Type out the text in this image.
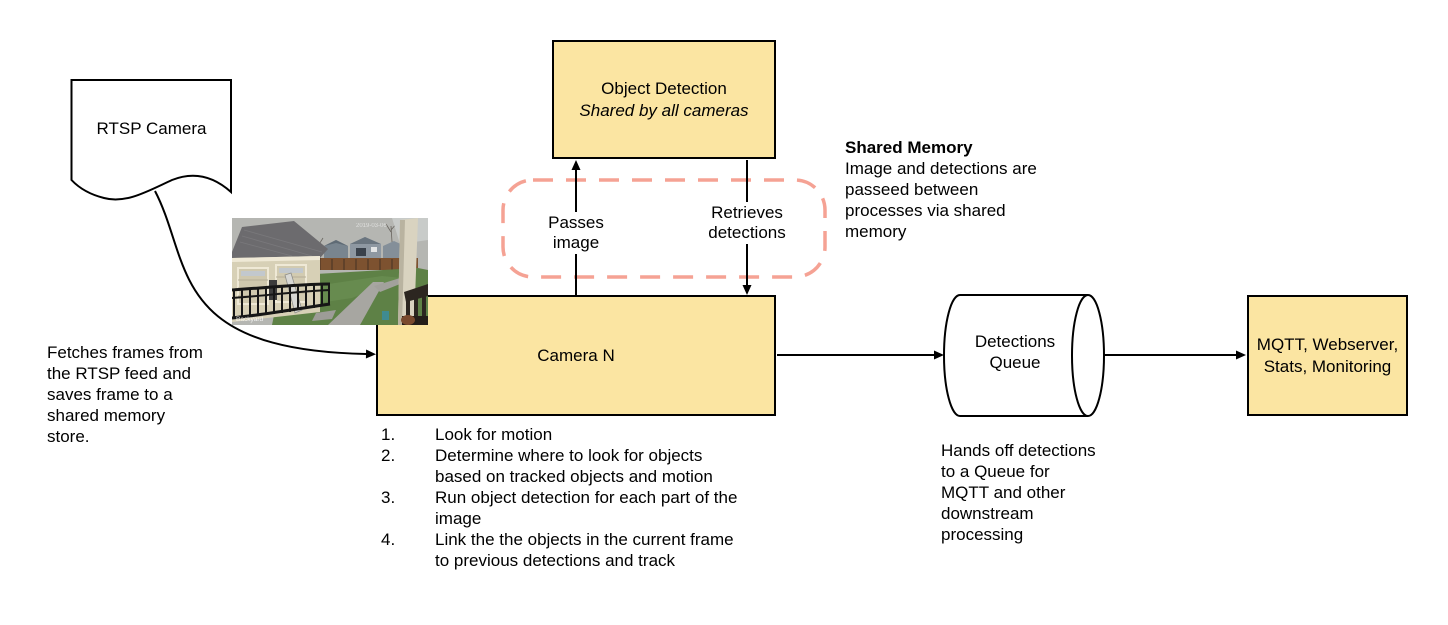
Object Detection
Shared by all cameras
Camera N
MQTT, Webserver,
Stats, Monitoring
RTSP Camera
Detections
Queue
Passes
image
Retrieves
detections
Fetches frames from
the RTSP feed and
saves frame to a
shared memory
store.
Shared Memory
Image and detections are
passeed between
processes via shared
memory
Hands off detections
to a Queue for
MQTT and other
downstream
processing
1.	Look for motion
2.	Determine where to look for objects
based on tracked objects and motion
3.	Run object detection for each part of the
image
4.	Link the the objects in the current frame
to previous detections and track
Backyard
2019-03-06
